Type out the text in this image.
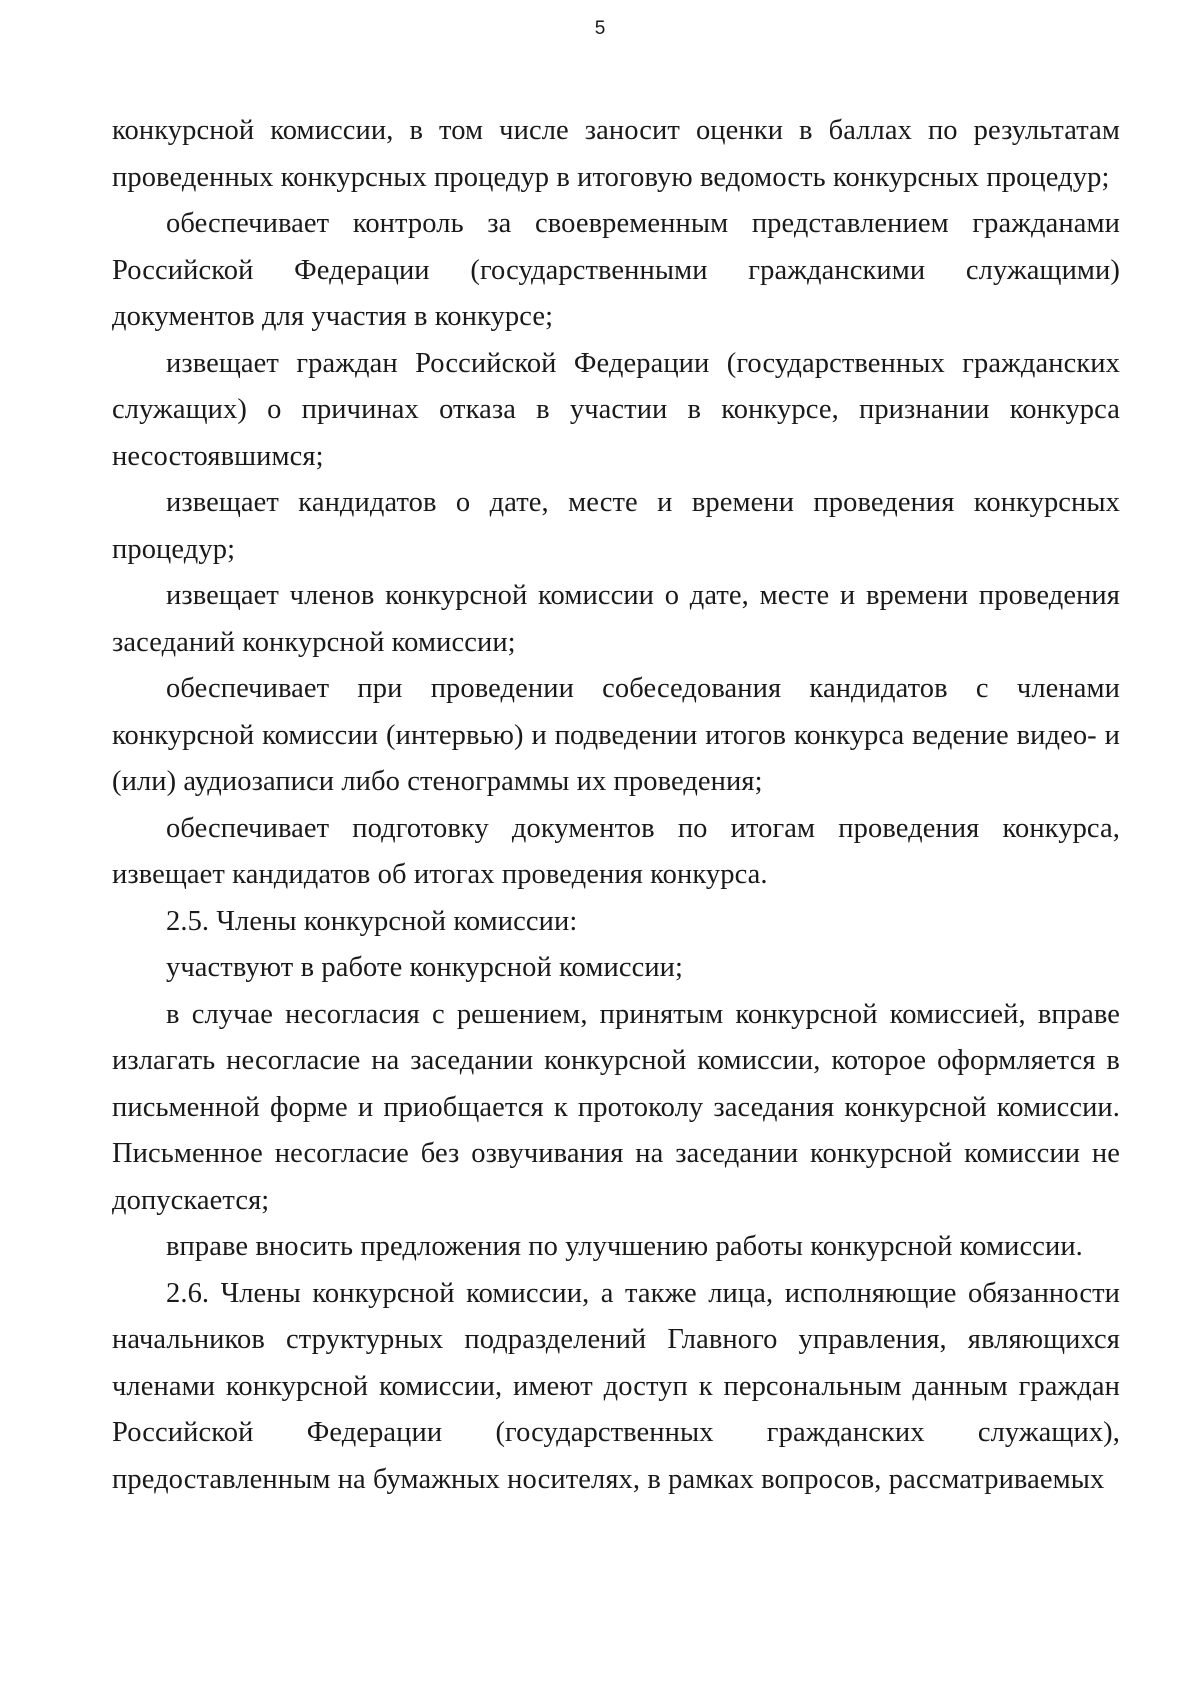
5

конкурсной комиссии, в том числе заносит оценки в баллах по результатам проведенных конкурсных процедур в итоговую ведомость конкурсных процедур;

обеспечивает контроль за своевременным представлением гражданами Российской Федерации (государственными гражданскими служащими) документов для участия в конкурсе;

извещает граждан Российской Федерации (государственных гражданских служащих) о причинах отказа в участии в конкурсе, признании конкурса несостоявшимся;

извещает кандидатов о дате, месте и времени проведения конкурсных процедур;

извещает членов конкурсной комиссии о дате, месте и времени проведения заседаний конкурсной комиссии;

обеспечивает при проведении собеседования кандидатов с членами конкурсной комиссии (интервью) и подведении итогов конкурса ведение видео- и (или) аудиозаписи либо стенограммы их проведения;

обеспечивает подготовку документов по итогам проведения конкурса, извещает кандидатов об итогах проведения конкурса.

2.5. Члены конкурсной комиссии:

участвуют в работе конкурсной комиссии;

в случае несогласия с решением, принятым конкурсной комиссией, вправе излагать несогласие на заседании конкурсной комиссии, которое оформляется в письменной форме и приобщается к протоколу заседания конкурсной комиссии. Письменное несогласие без озвучивания на заседании конкурсной комиссии не допускается;

вправе вносить предложения по улучшению работы конкурсной комиссии.

2.6. Члены конкурсной комиссии, а также лица, исполняющие обязанности начальников структурных подразделений Главного управления, являющихся членами конкурсной комиссии, имеют доступ к персональным данным граждан Российской Федерации (государственных гражданских служащих), предоставленным на бумажных носителях, в рамках вопросов, рассматриваемых
